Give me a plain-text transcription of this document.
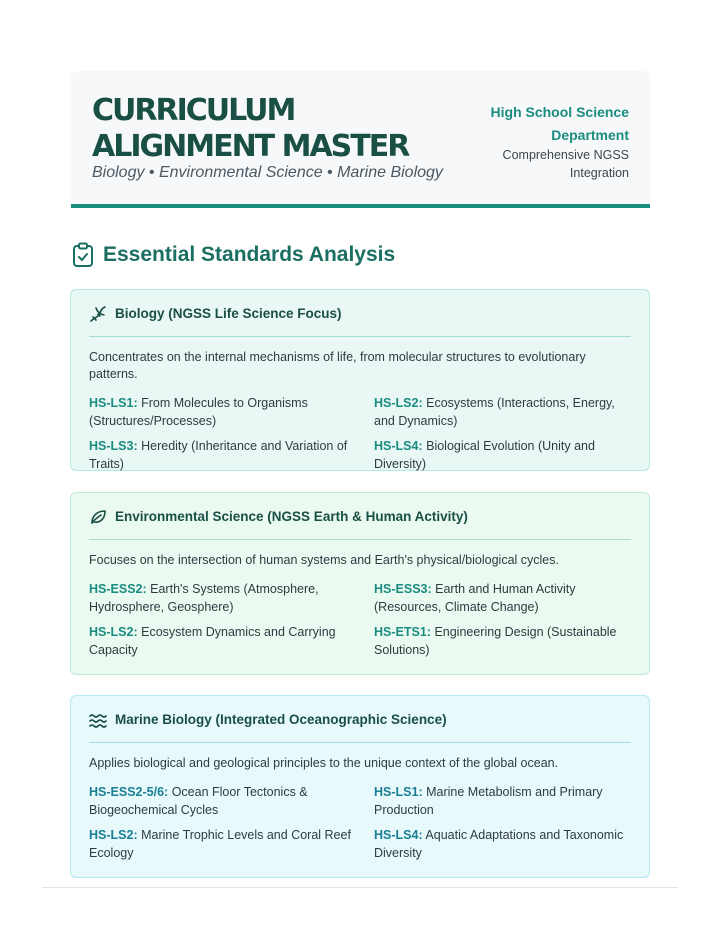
CURRICULUM ALIGNMENT MASTER
Biology • Environmental Science • Marine Biology
High School Science Department
Comprehensive NGSS Integration
Essential Standards Analysis
Biology (NGSS Life Science Focus)
Concentrates on the internal mechanisms of life, from molecular structures to evolutionary patterns.
HS-LS1: From Molecules to Organisms (Structures/Processes)
HS-LS2: Ecosystems (Interactions, Energy, and Dynamics)
HS-LS3: Heredity (Inheritance and Variation of Traits)
HS-LS4: Biological Evolution (Unity and Diversity)
Environmental Science (NGSS Earth & Human Activity)
Focuses on the intersection of human systems and Earth's physical/biological cycles.
HS-ESS2: Earth's Systems (Atmosphere, Hydrosphere, Geosphere)
HS-ESS3: Earth and Human Activity (Resources, Climate Change)
HS-LS2: Ecosystem Dynamics and Carrying Capacity
HS-ETS1: Engineering Design (Sustainable Solutions)
Marine Biology (Integrated Oceanographic Science)
Applies biological and geological principles to the unique context of the global ocean.
HS-ESS2-5/6: Ocean Floor Tectonics & Biogeochemical Cycles
HS-LS1: Marine Metabolism and Primary Production
HS-LS2: Marine Trophic Levels and Coral Reef Ecology
HS-LS4: Aquatic Adaptations and Taxonomic Diversity
